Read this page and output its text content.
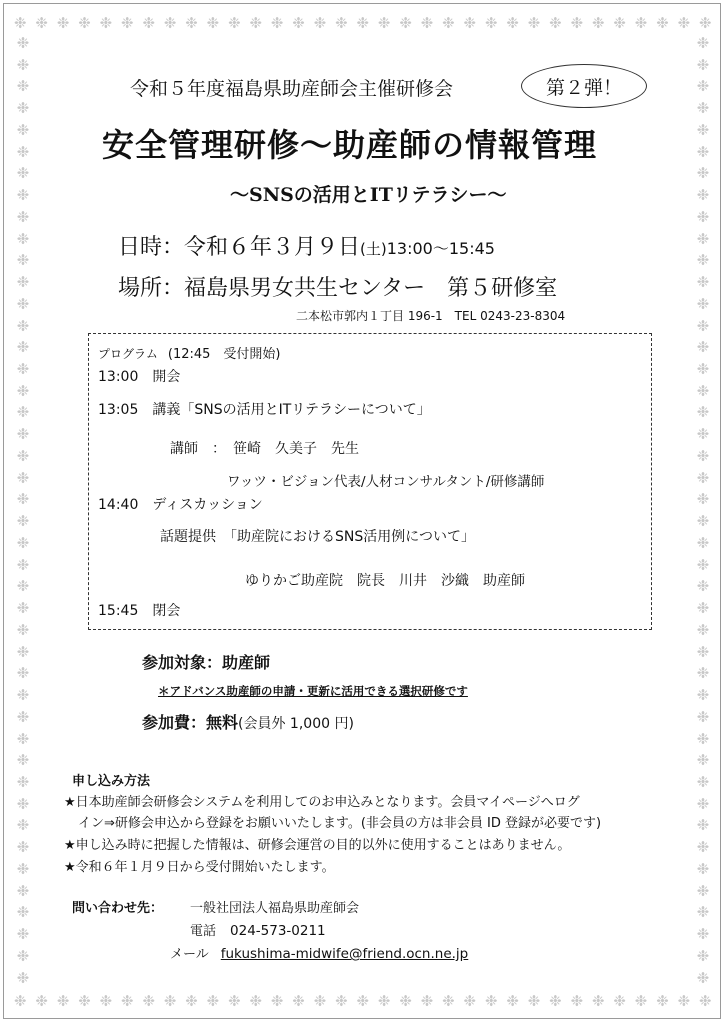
❉ ❉ ❉ ❉ ❉ ❉ ❉ ❉ ❉ ❉ ❉ ❉ ❉ ❉ ❉ ❉ ❉ ❉ ❉ ❉ ❉ ❉ ❉ ❉ ❉ ❉ ❉ ❉ ❉ ❉ ❉ ❉ ❉
❉ ❉ ❉ ❉ ❉ ❉ ❉ ❉ ❉ ❉ ❉ ❉ ❉ ❉ ❉ ❉ ❉ ❉ ❉ ❉ ❉ ❉ ❉ ❉ ❉ ❉ ❉ ❉ ❉ ❉ ❉ ❉ ❉
❉
❉
❉
❉
❉
❉
❉
❉
❉
❉
❉
❉
❉
❉
❉
❉
❉
❉
❉
❉
❉
❉
❉
❉
❉
❉
❉
❉
❉
❉
❉
❉
❉
❉
❉
❉
❉
❉
❉
❉
❉
❉
❉
❉
❉
❉
❉
❉
❉
❉
❉
❉
❉
❉
❉
❉
❉
❉
❉
❉
❉
❉
❉
❉
❉
❉
❉
❉
❉
❉
❉
❉
❉
❉
❉
❉
❉
❉
❉
❉
❉
❉
❉
❉
❉
❉
❉
❉
令和５年度福島県助産師会主催研修会	第２弾！
安全管理研修～助産師の情報管理
～SNSの活用とITリテラシー～
日時：令和６年３月９日(土)13:00～15:45
場所：福島県男女共生センター　第５研修室
二本松市郭内１丁目 196-1　TEL 0243-23-8304
プログラム (12:45　受付開始)
13:00　開会
13:05　講義「SNSの活用とITリテラシーについて」
講師　：　笹崎　久美子　先生
ワッツ・ビジョン代表/人材コンサルタント/研修講師
14:40　ディスカッション
話題提供　「助産院におけるSNS活用例について」
ゆりかご助産院　院長　川井　沙織　助産師
15:45　閉会
参加対象：助産師
＊アドバンス助産師の申請・更新に活用できる選択研修です
参加費：無料(会員外 1,000 円)
申し込み方法
★日本助産師会研修会システムを利用してのお申込みとなります。会員マイページへログ
イン⇒研修会申込から登録をお願いいたします。(非会員の方は非会員 ID 登録が必要です)
★申し込み時に把握した情報は、研修会運営の目的以外に使用することはありません。
★令和６年１月９日から受付開始いたします。
問い合わせ先： 一般社団法人福島県助産師会
電話 024-573-0211
メール fukushima-midwife@friend.ocn.ne.jp
